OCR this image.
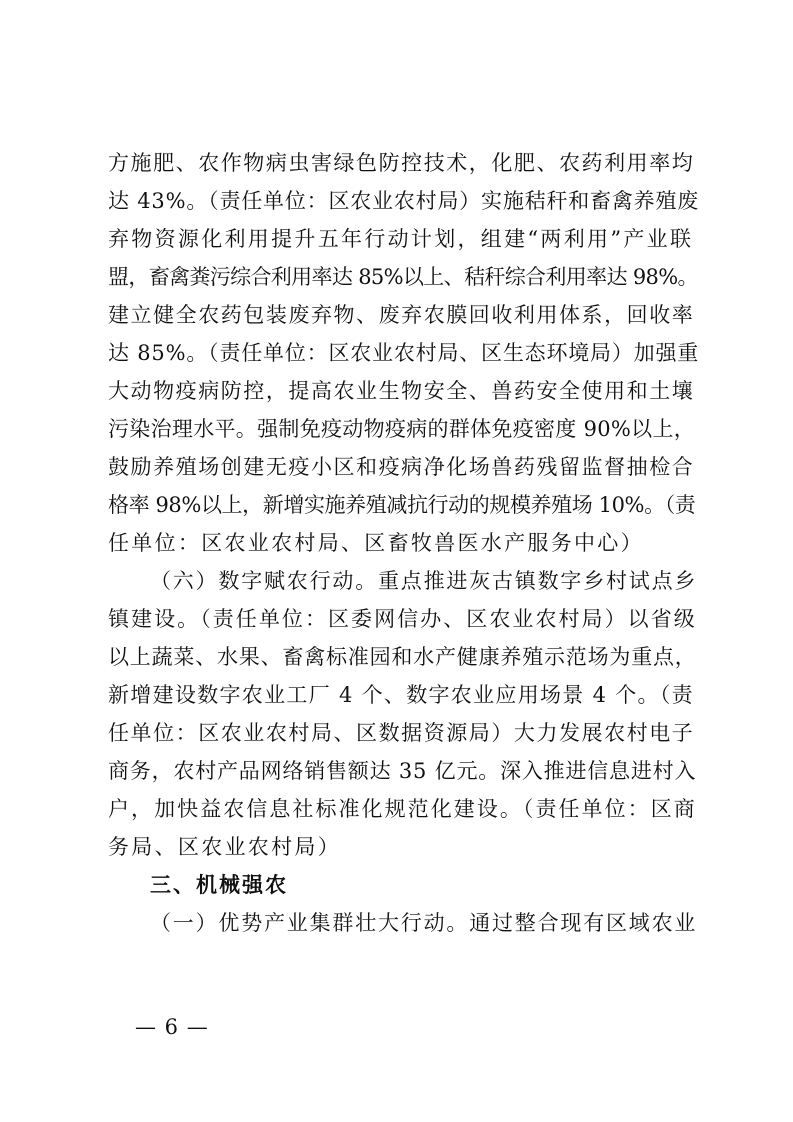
方施肥、农作物病虫害绿色防控技术，化肥、农药利用率均
达 43%。（责任单位：区农业农村局）实施秸秆和畜禽养殖废
弃物资源化利用提升五年行动计划，组建“两利用”产业联
盟，畜禽粪污综合利用率达 85%以上、秸秆综合利用率达 98%。
建立健全农药包装废弃物、废弃农膜回收利用体系，回收率
达 85%。（责任单位：区农业农村局、区生态环境局）加强重
大动物疫病防控，提高农业生物安全、兽药安全使用和土壤
污染治理水平。强制免疫动物疫病的群体免疫密度 90%以上，
鼓励养殖场创建无疫小区和疫病净化场兽药残留监督抽检合
格率 98%以上，新增实施养殖减抗行动的规模养殖场 10%。（责
任单位：区农业农村局、区畜牧兽医水产服务中心）
（六）数字赋农行动。重点推进灰古镇数字乡村试点乡
镇建设。（责任单位：区委网信办、区农业农村局）以省级
以上蔬菜、水果、畜禽标准园和水产健康养殖示范场为重点，
新增建设数字农业工厂 4 个、数字农业应用场景 4 个。（责
任单位：区农业农村局、区数据资源局）大力发展农村电子
商务，农村产品网络销售额达 35 亿元。深入推进信息进村入
户，加快益农信息社标准化规范化建设。（责任单位：区商
务局、区农业农村局）
三、机械强农
（一）优势产业集群壮大行动。通过整合现有区域农业
— 6 —
